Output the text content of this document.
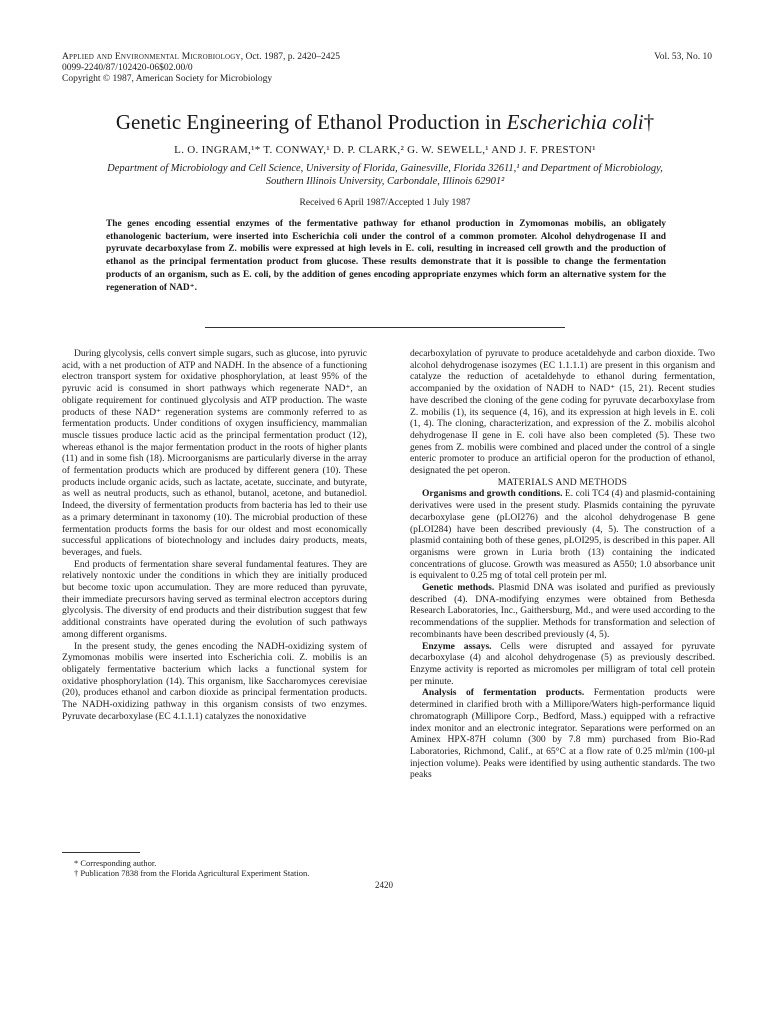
Applied and Environmental Microbiology, Oct. 1987, p. 2420–2425
0099-2240/87/102420-06$02.00/0
Copyright © 1987, American Society for Microbiology
Vol. 53, No. 10
Genetic Engineering of Ethanol Production in Escherichia coli†
L. O. INGRAM,¹* T. CONWAY,¹ D. P. CLARK,² G. W. SEWELL,¹ AND J. F. PRESTON¹
Department of Microbiology and Cell Science, University of Florida, Gainesville, Florida 32611,¹ and Department of Microbiology, Southern Illinois University, Carbondale, Illinois 62901²
Received 6 April 1987/Accepted 1 July 1987
The genes encoding essential enzymes of the fermentative pathway for ethanol production in Zymomonas mobilis, an obligately ethanologenic bacterium, were inserted into Escherichia coli under the control of a common promoter. Alcohol dehydrogenase II and pyruvate decarboxylase from Z. mobilis were expressed at high levels in E. coli, resulting in increased cell growth and the production of ethanol as the principal fermentation product from glucose. These results demonstrate that it is possible to change the fermentation products of an organism, such as E. coli, by the addition of genes encoding appropriate enzymes which form an alternative system for the regeneration of NAD⁺.

During glycolysis, cells convert simple sugars, such as glucose, into pyruvic acid, with a net production of ATP and NADH. In the absence of a functioning electron transport system for oxidative phosphorylation, at least 95% of the pyruvic acid is consumed in short pathways which regenerate NAD⁺, an obligate requirement for continued glycolysis and ATP production. The waste products of these NAD⁺ regeneration systems are commonly referred to as fermentation products. Under conditions of oxygen insufficiency, mammalian muscle tissues produce lactic acid as the principal fermentation product (12), whereas ethanol is the major fermentation product in the roots of higher plants (11) and in some fish (18). Microorganisms are particularly diverse in the array of fermentation products which are produced by different genera (10). These products include organic acids, such as lactate, acetate, succinate, and butyrate, as well as neutral products, such as ethanol, butanol, acetone, and butanediol. Indeed, the diversity of fermentation products from bacteria has led to their use as a primary determinant in taxonomy (10). The microbial production of these fermentation products forms the basis for our oldest and most economically successful applications of biotechnology and includes dairy products, meats, beverages, and fuels.

End products of fermentation share several fundamental features. They are relatively nontoxic under the conditions in which they are initially produced but become toxic upon accumulation. They are more reduced than pyruvate, their immediate precursors having served as terminal electron acceptors during glycolysis. The diversity of end products and their distribution suggest that few additional constraints have operated during the evolution of such pathways among different organisms.

In the present study, the genes encoding the NADH-oxidizing system of Zymomonas mobilis were inserted into Escherichia coli. Z. mobilis is an obligately fermentative bacterium which lacks a functional system for oxidative phosphorylation (14). This organism, like Saccharomyces cerevisiae (20), produces ethanol and carbon dioxide as principal fermentation products. The NADH-oxidizing pathway in this organism consists of two enzymes. Pyruvate decarboxylase (EC 4.1.1.1) catalyzes the nonoxidative

decarboxylation of pyruvate to produce acetaldehyde and carbon dioxide. Two alcohol dehydrogenase isozymes (EC 1.1.1.1) are present in this organism and catalyze the reduction of acetaldehyde to ethanol during fermentation, accompanied by the oxidation of NADH to NAD⁺ (15, 21). Recent studies have described the cloning of the gene coding for pyruvate decarboxylase from Z. mobilis (1), its sequence (4, 16), and its expression at high levels in E. coli (1, 4). The cloning, characterization, and expression of the Z. mobilis alcohol dehydrogenase II gene in E. coli have also been completed (5). These two genes from Z. mobilis were combined and placed under the control of a single enteric promoter to produce an artificial operon for the production of ethanol, designated the pet operon.

MATERIALS AND METHODS

Organisms and growth conditions. E. coli TC4 (4) and plasmid-containing derivatives were used in the present study. Plasmids containing the pyruvate decarboxylase gene (pLOI276) and the alcohol dehydrogenase B gene (pLOI284) have been described previously (4, 5). The construction of a plasmid containing both of these genes, pLOI295, is described in this paper. All organisms were grown in Luria broth (13) containing the indicated concentrations of glucose. Growth was measured as A550; 1.0 absorbance unit is equivalent to 0.25 mg of total cell protein per ml.

Genetic methods. Plasmid DNA was isolated and purified as previously described (4). DNA-modifying enzymes were obtained from Bethesda Research Laboratories, Inc., Gaithersburg, Md., and were used according to the recommendations of the supplier. Methods for transformation and selection of recombinants have been described previously (4, 5).

Enzyme assays. Cells were disrupted and assayed for pyruvate decarboxylase (4) and alcohol dehydrogenase (5) as previously described. Enzyme activity is reported as micromoles per milligram of total cell protein per minute.

Analysis of fermentation products. Fermentation products were determined in clarified broth with a Millipore/Waters high-performance liquid chromatograph (Millipore Corp., Bedford, Mass.) equipped with a refractive index monitor and an electronic integrator. Separations were performed on an Aminex HPX-87H column (300 by 7.8 mm) purchased from Bio-Rad Laboratories, Richmond, Calif., at 65°C at a flow rate of 0.25 ml/min (100-µl injection volume). Peaks were identified by using authentic standards. The two peaks

* Corresponding author.

† Publication 7838 from the Florida Agricultural Experiment Station.

2420
